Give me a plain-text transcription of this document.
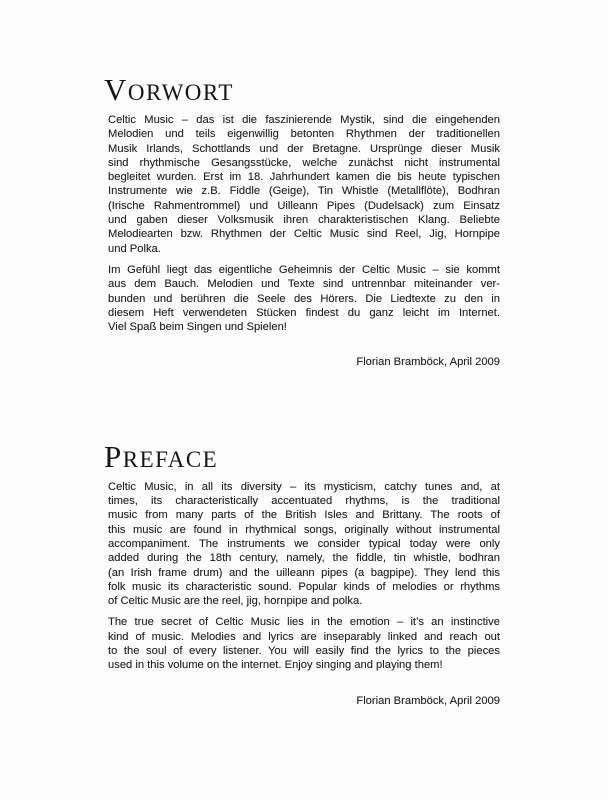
VORWORT
Celtic Music – das ist die faszinierende Mystik, sind die eingehenden
Melodien und teils eigenwillig betonten Rhythmen der traditionellen
Musik Irlands, Schottlands und der Bretagne. Ursprünge dieser Musik
sind rhythmische Gesangsstücke, welche zunächst nicht instrumental
begleitet wurden. Erst im 18. Jahrhundert kamen die bis heute typischen
Instrumente wie z.B. Fiddle (Geige), Tin Whistle (Metallflöte), Bodhran
(Irische Rahmentrommel) und Uilleann Pipes (Dudelsack) zum Einsatz
und gaben dieser Volksmusik ihren charakteristischen Klang. Beliebte
Melodiearten bzw. Rhythmen der Celtic Music sind Reel, Jig, Hornpipe
und Polka.
Im Gefühl liegt das eigentliche Geheimnis der Celtic Music – sie kommt
aus dem Bauch. Melodien und Texte sind untrennbar miteinander ver-
bunden und berühren die Seele des Hörers. Die Liedtexte zu den in
diesem Heft verwendeten Stücken findest du ganz leicht im Internet.
Viel Spaß beim Singen und Spielen!
Florian Bramböck, April 2009
PREFACE
Celtic Music, in all its diversity – its mysticism, catchy tunes and, at
times, its characteristically accentuated rhythms, is the traditional
music from many parts of the British Isles and Brittany. The roots of
this music are found in rhythmical songs, originally without instrumental
accompaniment. The instruments we consider typical today were only
added during the 18th century, namely, the fiddle, tin whistle, bodhran
(an Irish frame drum) and the uilleann pipes (a bagpipe). They lend this
folk music its characteristic sound. Popular kinds of melodies or rhythms
of Celtic Music are the reel, jig, hornpipe and polka.
The true secret of Celtic Music lies in the emotion – it’s an instinctive
kind of music. Melodies and lyrics are inseparably linked and reach out
to the soul of every listener. You will easily find the lyrics to the pieces
used in this volume on the internet. Enjoy singing and playing them!
Florian Bramböck, April 2009
